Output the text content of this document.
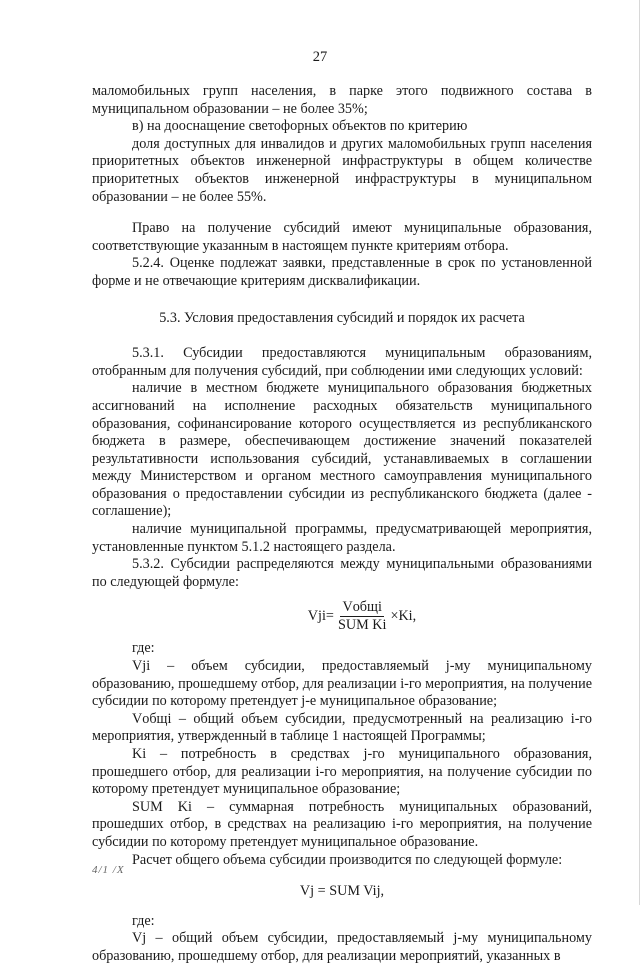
27

маломобильных групп населения, в парке этого подвижного состава в муниципальном образовании – не более 35%;

в) на дооснащение светофорных объектов по критерию

доля доступных для инвалидов и других маломобильных групп населения приоритетных объектов инженерной инфраструктуры в общем количестве приоритетных объектов инженерной инфраструктуры в муниципальном образовании – не более 55%.

Право на получение субсидий имеют муниципальные образования, соответствующие указанным в настоящем пункте критериям отбора.

5.2.4. Оценке подлежат заявки, представленные в срок по установленной форме и не отвечающие критериям дисквалификации.

5.3. Условия предоставления субсидий и порядок их расчета

5.3.1. Субсидии предоставляются муниципальным образованиям, отобранным для получения субсидий, при соблюдении ими следующих условий:

наличие в местном бюджете муниципального образования бюджетных ассигнований на исполнение расходных обязательств муниципального образования, софинансирование которого осуществляется из республиканского бюджета в размере, обеспечивающем достижение значений показателей результативности использования субсидий, устанавливаемых в соглашении между Министерством и органом местного самоуправления муниципального образования о предоставлении субсидии из республиканского бюджета (далее - соглашение);

наличие муниципальной программы, предусматривающей мероприятия, установленные пунктом 5.1.2 настоящего раздела.

5.3.2. Субсидии распределяются между муниципальными образованиями по следующей формуле:

$Vji= \frac{\text{Vобщi}}{\text{SUM Ki}} \times Ki$,

где:

Vji – объем субсидии, предоставляемый j-му муниципальному образованию, прошедшему отбор, для реализации i-го мероприятия, на получение субсидии по которому претендует j-е муниципальное образование;

Vобщi – общий объем субсидии, предусмотренный на реализацию i-го мероприятия, утвержденный в таблице 1 настоящей Программы;

Ki – потребность в средствах j-го муниципального образования, прошедшего отбор, для реализации i-го мероприятия, на получение субсидии по которому претендует муниципальное образование;

SUM Ki – суммарная потребность муниципальных образований, прошедших отбор, в средствах на реализацию i-го мероприятия, на получение субсидии по которому претендует муниципальное образование.

Расчет общего объема субсидии производится по следующей формуле:

Vj = SUM Vij,

где:

Vj – общий объем субсидии, предоставляемый j-му муниципальному образованию, прошедшему отбор, для реализации мероприятий, указанных в

4/1 /Х
